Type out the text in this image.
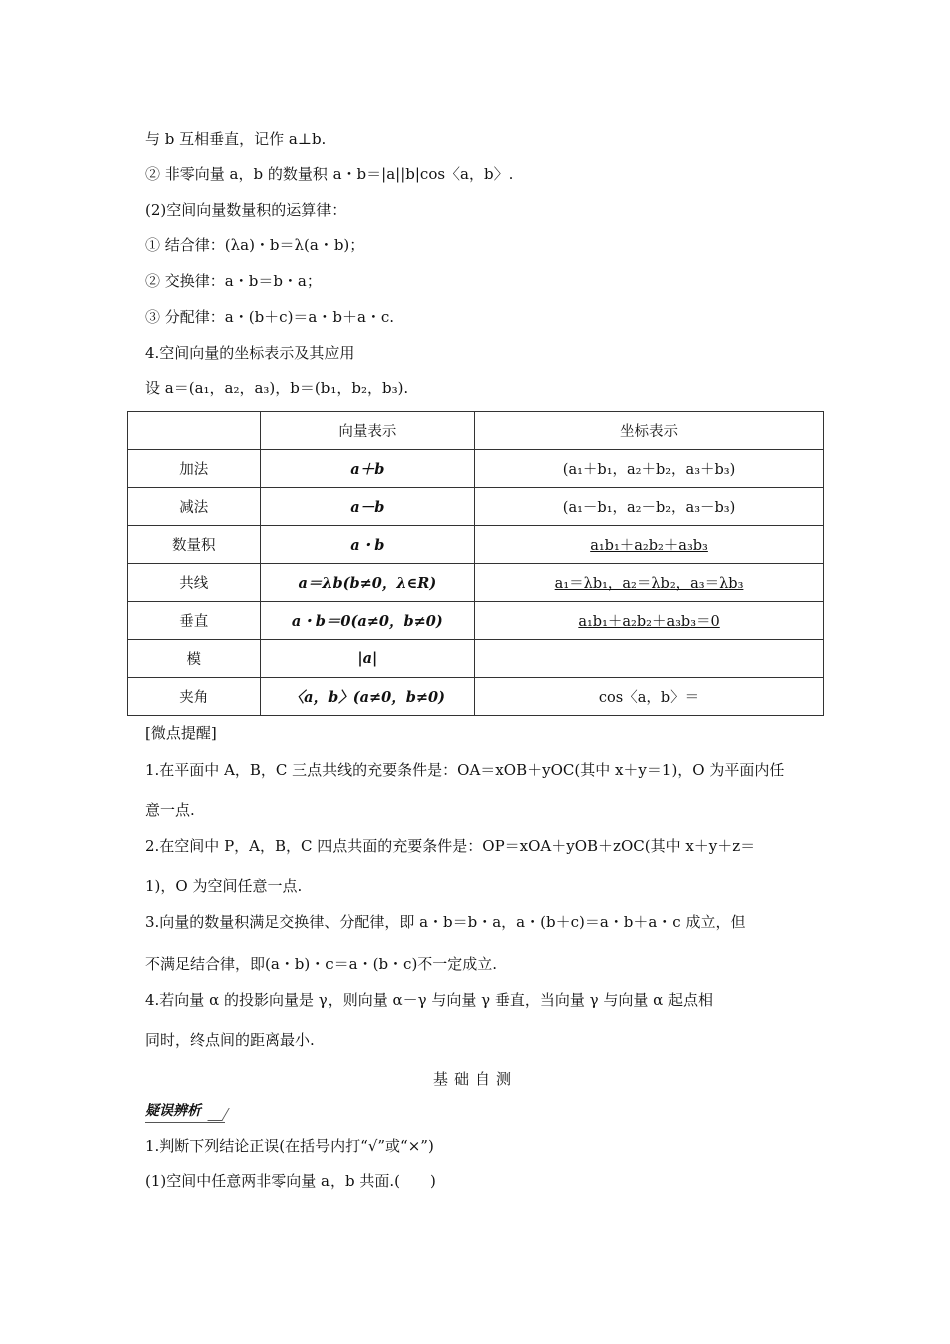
与 b 互相垂直，记作 a⊥b.
② 非零向量 a，b 的数量积 a・b＝|a||b|cos〈a，b〉.
(2)空间向量数量积的运算律：
① 结合律：(λa)・b＝λ(a・b)；
② 交换律：a・b＝b・a；
③ 分配律：a・(b＋c)＝a・b＋a・c.
4.空间向量的坐标表示及其应用
设 a＝(a₁，a₂，a₃)，b＝(b₁，b₂，b₃).
	向量表示	坐标表示
加法	a＋b	(a₁＋b₁，a₂＋b₂，a₃＋b₃)
减法	a－b	(a₁－b₁，a₂－b₂，a₃－b₃)
数量积	a・b	a₁b₁＋a₂b₂＋a₃b₃
共线	a＝λb(b≠0，λ∈R)	a₁＝λb₁，a₂＝λb₂，a₃＝λb₃
垂直	a・b＝0(a≠0，b≠0)	a₁b₁＋a₂b₂＋a₃b₃＝0
模	|a|	
夹角	〈a，b〉(a≠0，b≠0)	cos〈a，b〉＝
[微点提醒]
1.在平面中 A，B，C 三点共线的充要条件是：OA＝xOB＋yOC(其中 x＋y＝1)，O 为平面内任
意一点.
2.在空间中 P，A，B，C 四点共面的充要条件是：OP＝xOA＋yOB＋zOC(其中 x＋y＋z＝
1)，O 为空间任意一点.
3.向量的数量积满足交换律、分配律，即 a・b＝b・a，a・(b＋c)＝a・b＋a・c 成立，但
不满足结合律，即(a・b)・c＝a・(b・c)不一定成立.
4.若向量 α 的投影向量是 γ，则向量 α－γ 与向量 γ 垂直，当向量 γ 与向量 α 起点相
同时，终点间的距离最小.
基础自测
疑误辨析
1.判断下列结论正误(在括号内打“√”或“×”)
(1)空间中任意两非零向量 a，b 共面.(　　)
